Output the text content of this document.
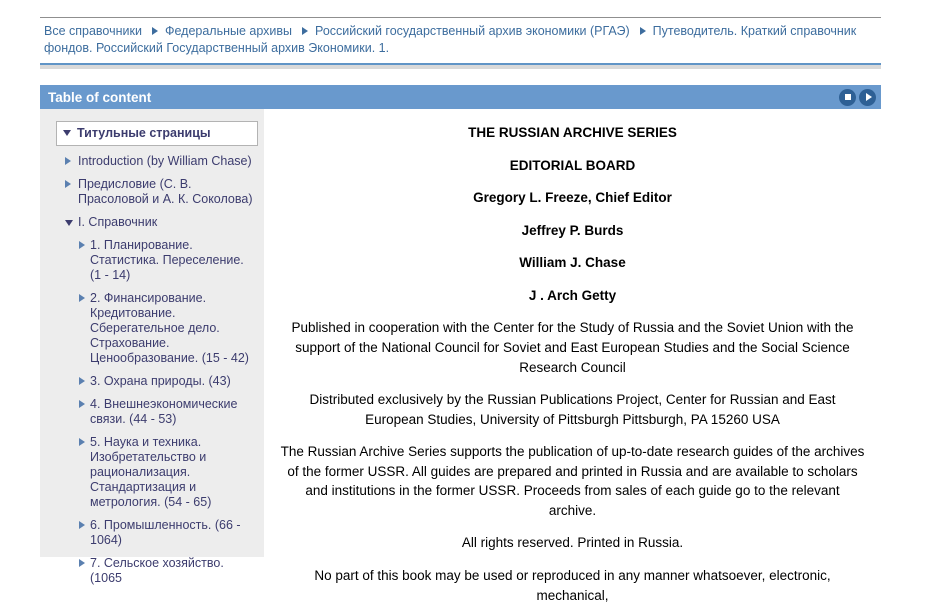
Все справочники Федеральные архивы Российский государственный архив экономики (РГАЭ) Путеводитель. Краткий справочник фондов. Российский Государственный архив Экономики. 1.
Table of content
Титульные страницы
Introduction (by William Chase)
Предисловие (С. В. Прасоловой и А. К. Соколова)
I. Справочник
1. Планирование. Статистика. Переселение. (1 - 14)
2. Финансирование. Кредитование. Сберегательное дело. Страхование. Ценообразование. (15 - 42)
3. Охрана природы. (43)
4. Внешнеэкономические связи. (44 - 53)
5. Наука и техника. Изобретательство и рационализация. Стандартизация и метрология. (54 - 65)
6. Промышленность. (66 - 1064)
7. Сельское хозяйство. (1065

THE RUSSIAN ARCHIVE SERIES

EDITORIAL BOARD

Gregory L. Freeze, Chief Editor

Jeffrey P. Burds

William J. Chase

J . Arch Getty

Published in cooperation with the Center for the Study of Russia and the Soviet Union with the support of the National Council for Soviet and East European Studies and the Social Science Research Council

Distributed exclusively by the Russian Publications Project, Center for Russian and East European Studies, University of Pittsburgh Pittsburgh, PA 15260 USA

The Russian Archive Series supports the publication of up-to-date research guides of the archives of the former USSR. All guides are prepared and printed in Russia and are available to scholars and institutions in the former USSR. Proceeds from sales of each guide go to the relevant archive.

All rights reserved. Printed in Russia.

No part of this book may be used or reproduced in any manner whatsoever, electronic, mechanical,
